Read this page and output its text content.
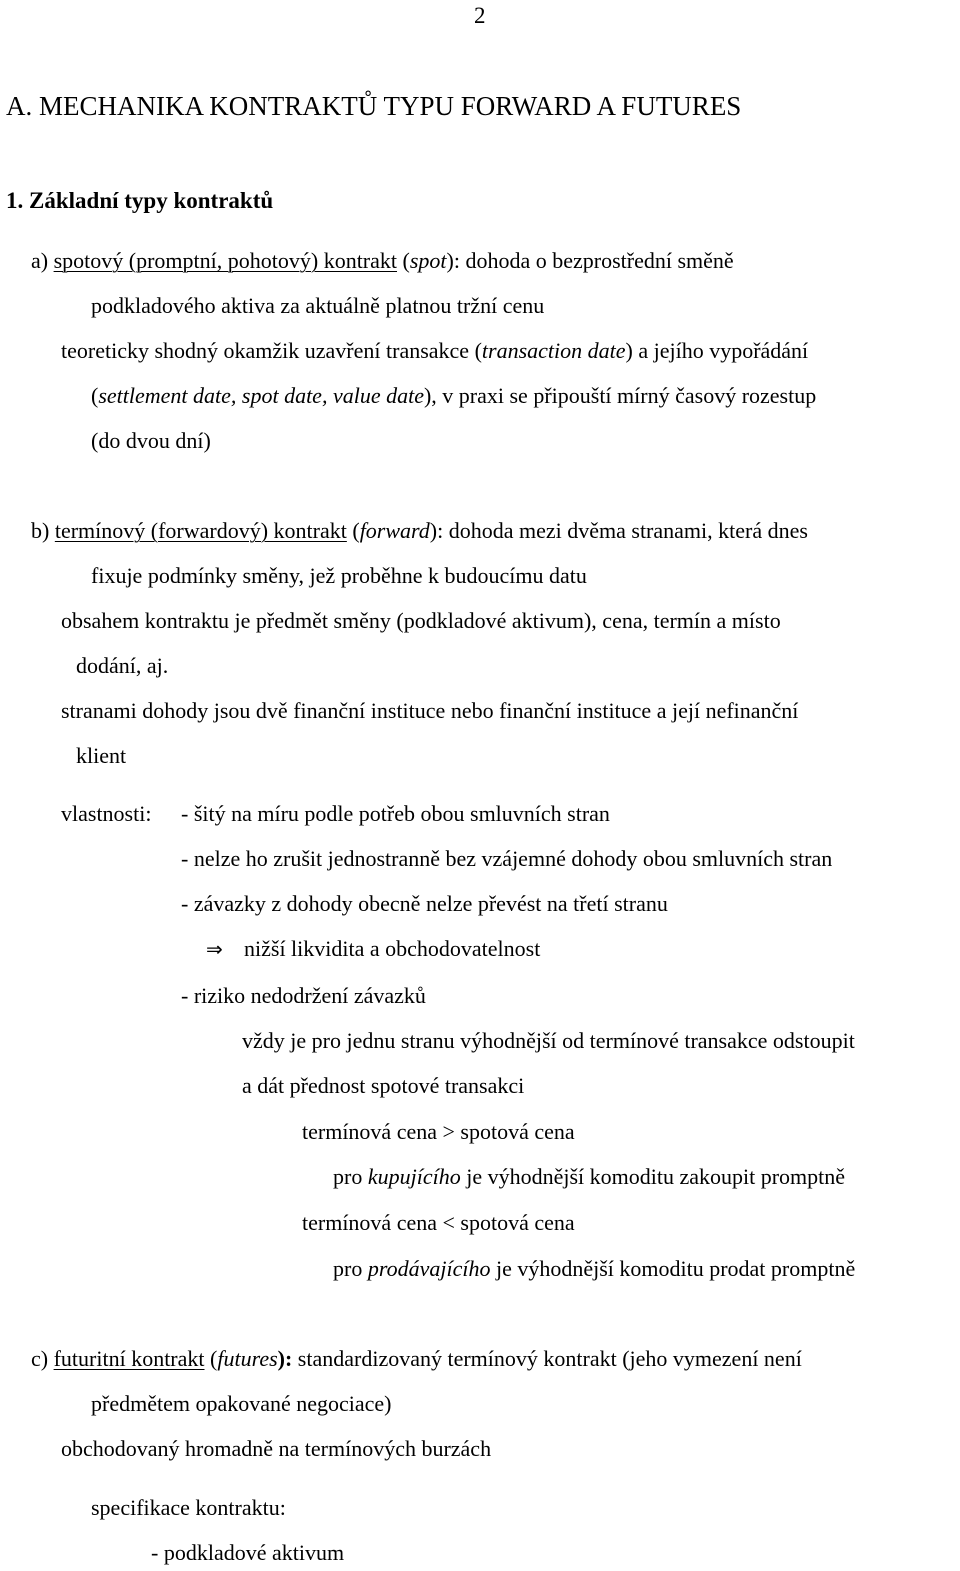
2
A. MECHANIKA KONTRAKTŮ TYPU FORWARD A FUTURES
1. Základní typy kontraktů
a) spotový (promptní, pohotový) kontrakt (spot): dohoda o bezprostřední směně
podkladového aktiva za aktuálně platnou tržní cenu
teoreticky shodný okamžik uzavření transakce (transaction date) a jejího vypořádání
(settlement date, spot date, value date), v praxi se připouští mírný časový rozestup
(do dvou dní)
b) termínový (forwardový) kontrakt (forward): dohoda mezi dvěma stranami, která dnes
fixuje podmínky směny, jež proběhne k budoucímu datu
obsahem kontraktu je předmět směny (podkladové aktivum), cena, termín a místo
dodání, aj.
stranami dohody jsou dvě finanční instituce nebo finanční instituce a její nefinanční
klient
vlastnosti: - šitý na míru podle potřeb obou smluvních stran
- nelze ho zrušit jednostranně bez vzájemné dohody obou smluvních stran
- závazky z dohody obecně nelze převést na třetí stranu
⇒ nižší likvidita a obchodovatelnost
- riziko nedodržení závazků
vždy je pro jednu stranu výhodnější od termínové transakce odstoupit
a dát přednost spotové transakci
termínová cena > spotová cena
pro kupujícího je výhodnější komoditu zakoupit promptně
termínová cena < spotová cena
pro prodávajícího je výhodnější komoditu prodat promptně
c) futuritní kontrakt (futures): standardizovaný termínový kontrakt (jeho vymezení není
předmětem opakované negociace)
obchodovaný hromadně na termínových burzách
specifikace kontraktu:
- podkladové aktivum
